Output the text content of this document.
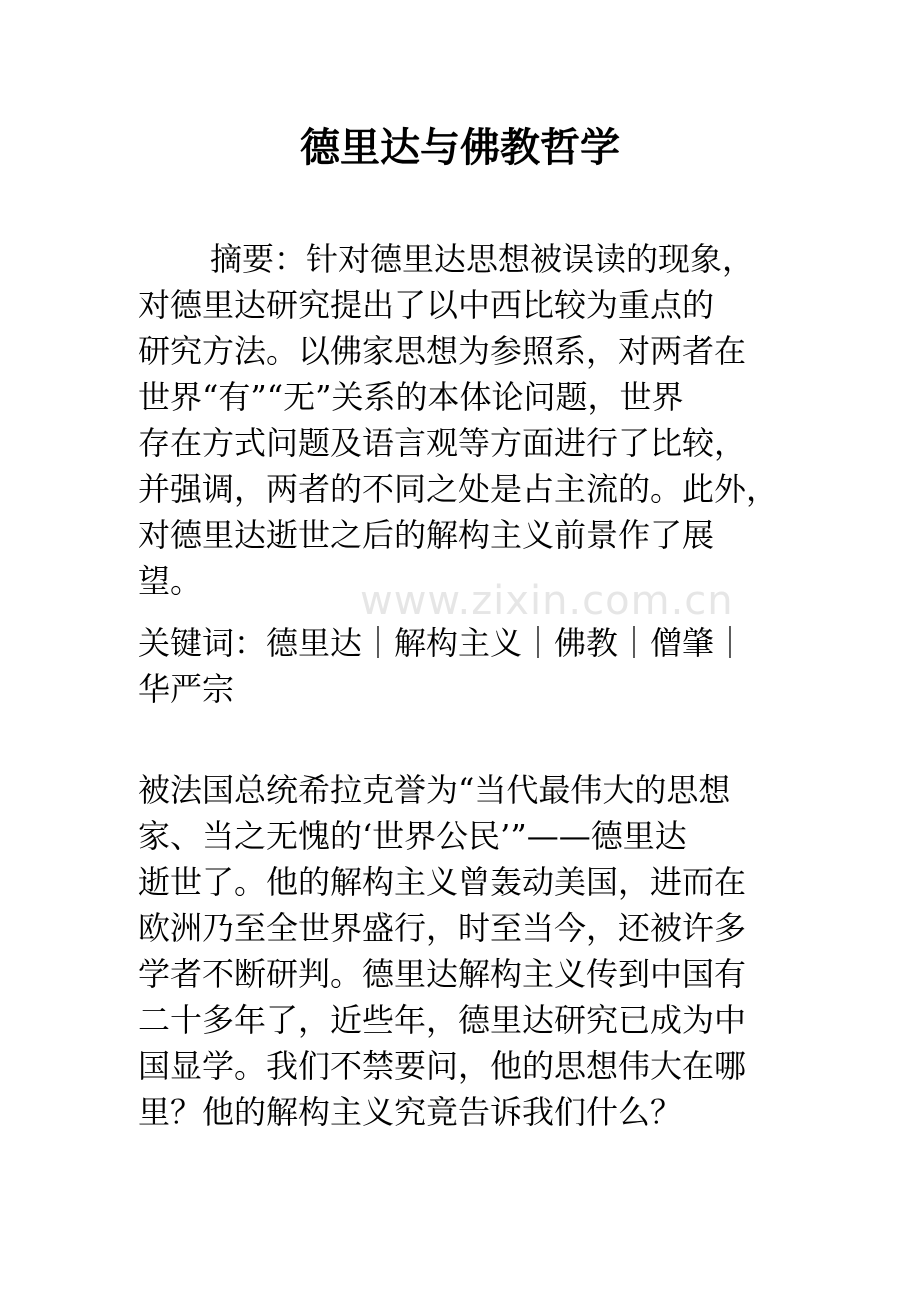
www.zixin.com.cn
德里达与佛教哲学
摘要：针对德里达思想被误读的现象，
对德里达研究提出了以中西比较为重点的
研究方法。以佛家思想为参照系，对两者在
世界“有”“无”关系的本体论问题，世界
存在方式问题及语言观等方面进行了比较，
并强调，两者的不同之处是占主流的。此外，
对德里达逝世之后的解构主义前景作了展
望。
关键词：德里达｜解构主义｜佛教｜僧肇｜
华严宗
被法国总统希拉克誉为“当代最伟大的思想
家、当之无愧的‘世界公民’”——德里达
逝世了。他的解构主义曾轰动美国，进而在
欧洲乃至全世界盛行，时至当今，还被许多
学者不断研判。德里达解构主义传到中国有
二十多年了，近些年，德里达研究已成为中
国显学。我们不禁要问，他的思想伟大在哪
里？他的解构主义究竟告诉我们什么？
